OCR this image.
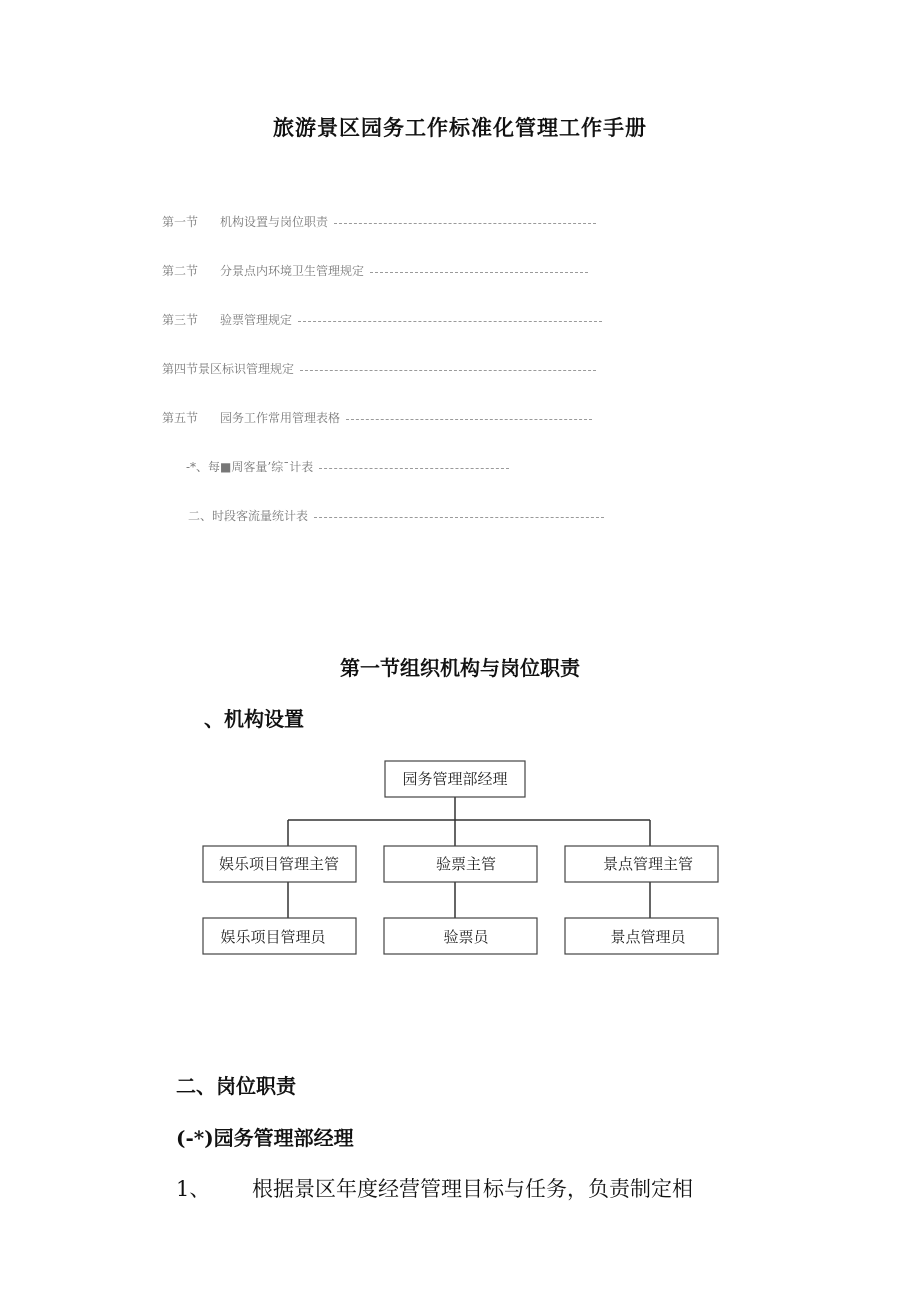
旅游景区园务工作标准化管理工作手册
第一节 机构设置与岗位职责
第二节 分景点内环境卫生管理规定
第三节 验票管理规定
第四节景区标识管理规定
第五节 园务工作常用管理表格
-*、每■周客量’综ˉ计表
二、时段客流量统计表
第一节组织机构与岗位职责
、机构设置
园务管理部经理
娱乐项目管理主管	验票主管	景点管理主管
娱乐项目管理员	验票员	景点管理员
二、岗位职责
(-*)园务管理部经理
1、 根据景区年度经营管理目标与任务，负责制定相
